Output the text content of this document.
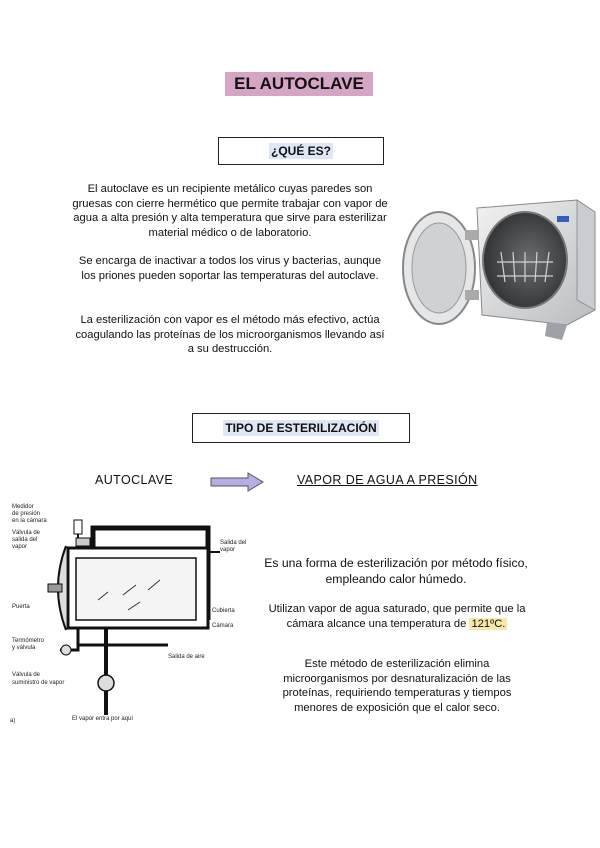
EL AUTOCLAVE
¿QUÉ ES?
El autoclave es un recipiente metálico cuyas paredes son gruesas con cierre hermético que permite trabajar con vapor de agua a alta presión y alta temperatura que sirve para esterilizar material médico o de laboratorio.
Se encarga de inactivar a todos los virus y bacterias, aunque los priones pueden soportar las temperaturas del autoclave.
La esterilización con vapor es el método más efectivo, actúa coagulando las proteínas de los microorganismos llevando así a su destrucción.
TIPO DE ESTERILIZACIÓN
AUTOCLAVE	VAPOR DE AGUA A PRESIÓN
Medidor
de presión
en la cámara
Válvula de
salida del
vapor
Puerta
Termómetro
y válvula
Válvula de
suministro de vapor
Salida del
vapor
Cubierta
Cámara
Salida de aire
El vapor entra por aquí
a)
Es una forma de esterilización por método físico, empleando calor húmedo.
Utilizan vapor de agua saturado, que permite que la cámara alcance una temperatura de 121ºC.
Este método de esterilización elimina microorganismos por desnaturalización de las proteínas, requiriendo temperaturas y tiempos menores de exposición que el calor seco.
